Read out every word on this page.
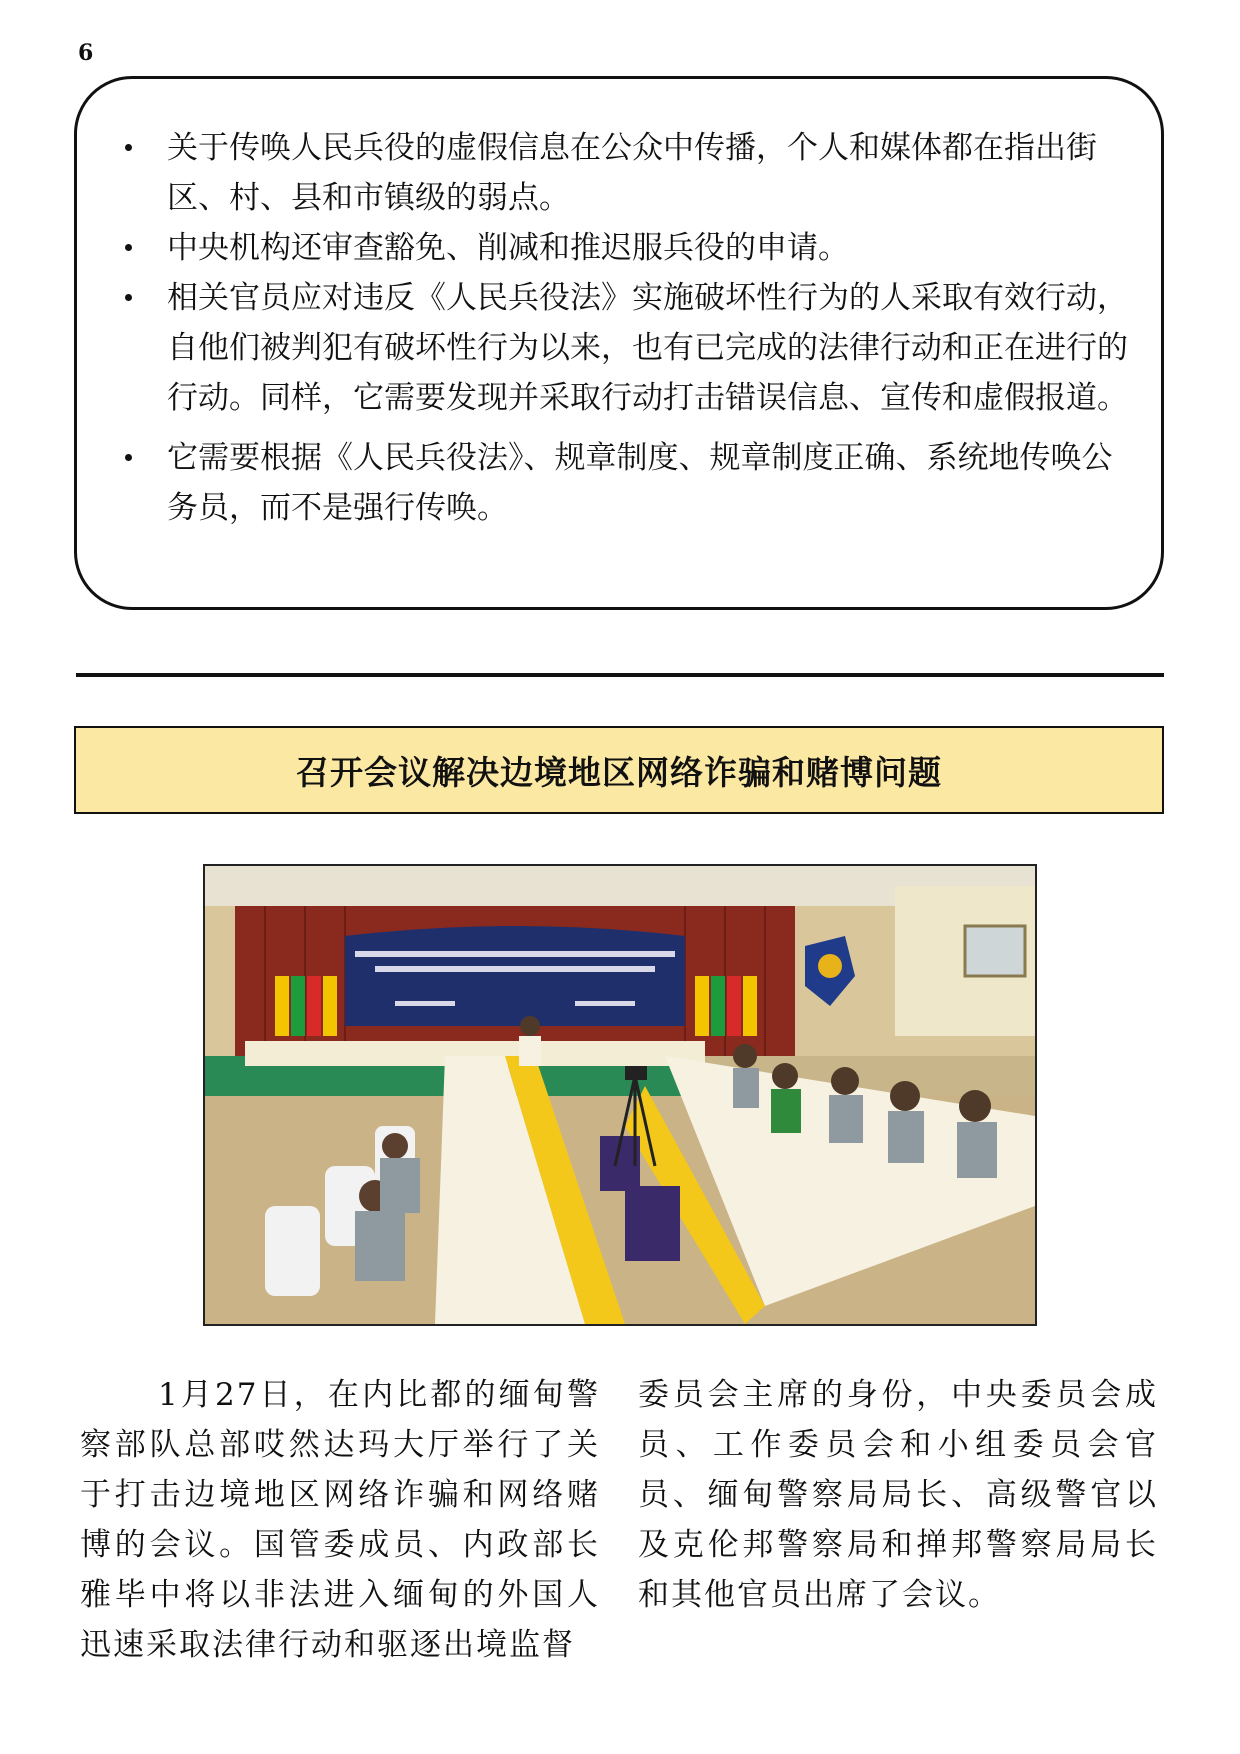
6
关于传唤人民兵役的虚假信息在公众中传播，个人和媒体都在指出街区、村、县和市镇级的弱点。
中央机构还审查豁免、削减和推迟服兵役的申请。
相关官员应对违反《人民兵役法》实施破坏性行为的人采取有效行动，自他们被判犯有破坏性行为以来，也有已完成的法律行动和正在进行的行动。同样，它需要发现并采取行动打击错误信息、宣传和虚假报道。
它需要根据《人民兵役法》、规章制度、规章制度正确、系统地传唤公务员，而不是强行传唤。
召开会议解决边境地区网络诈骗和赌博问题

1月27日，在内比都的缅甸警察部队总部哎然达玛大厅举行了关于打击边境地区网络诈骗和网络赌博的会议。国管委成员、内政部长雅毕中将以非法进入缅甸的外国人迅速采取法律行动和驱逐出境监督

委员会主席的身份，中央委员会成员、工作委员会和小组委员会官员、缅甸警察局局长、高级警官以及克伦邦警察局和掸邦警察局局长和其他官员出席了会议。
